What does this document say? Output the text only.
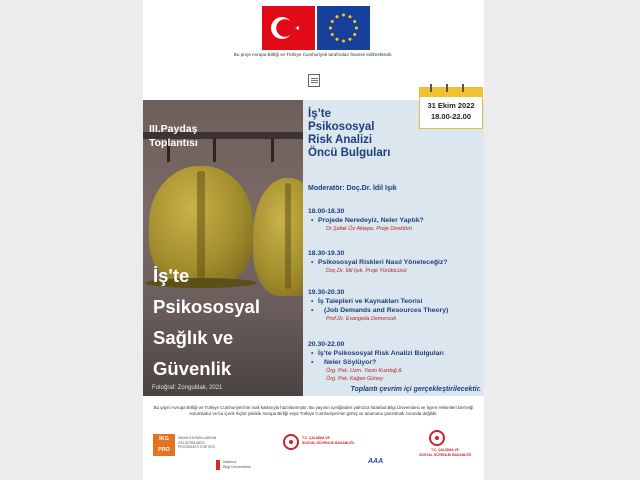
Bu proje Avrupa Birliği ve Türkiye Cumhuriyeti tarafından finanse edilmektedir.
III.Paydaş
Toplantısı
İş'te
Psikososyal
Sağlık ve
Güvenlik
Fotoğraf: Zonguldak, 2021
İş’te
Psikososyal
Risk Analizi
Öncü Bulguları
31 Ekim 2022
18.00-22.00
Moderatör: Doç.Dr. İdil Işık
18.00-18.30
• Projede Neredeyiz, Neler Yaptık?
Dr.Şafak Öz Aktepe, Proje Direktörü
18.30-19.30
• Psikososyal Riskleri Nasıl Yöneteceğiz?
Doç.Dr. İdil Işık, Proje Yürütücüsü
19.30-20.30
• İş Talepleri ve Kaynakları Teorisi
• (Job Demands and Resources Theory)
Prof.Dr. Evangelia Demerouti
20.30-22.00
• İş’te Psikososyal Risk Analizi Bulguları
• Neler Söylüyor?
Örg. Psk. Uzm. Yasin Kuzdağ &
Örg. Psk. Kağan Güney
Toplantı çevrim içi gerçekleştirilecektir.
Bu yayın Avrupa Birliği ve Türkiye Cumhuriyeti'nin mali katkısıyla hazırlanmıştır. Bu yayının içeriğinden yalnızca İstanbul Bilgi Üniversitesi ve İşyeri Hekimleri Derneği sorumludur ve bu içerik hiçbir şekilde Avrupa Birliği veya Türkiye Cumhuriyeti'nin görüş ve tutumunu yansıtmak zorunda değildir.
İKG
PRO
İNSAN KAYNAKLARININ GELİŞTİRİLMESİ PROGRAM OTORİTESİ
İstanbul
Bilgi Üniversitesi
T.C. ÇALIŞMA VE
SOSYAL GÜVENLİK BAKANLIĞI
AAA
T.C. ÇALIŞMA VE
SOSYAL GÜVENLİK BAKANLIĞI
